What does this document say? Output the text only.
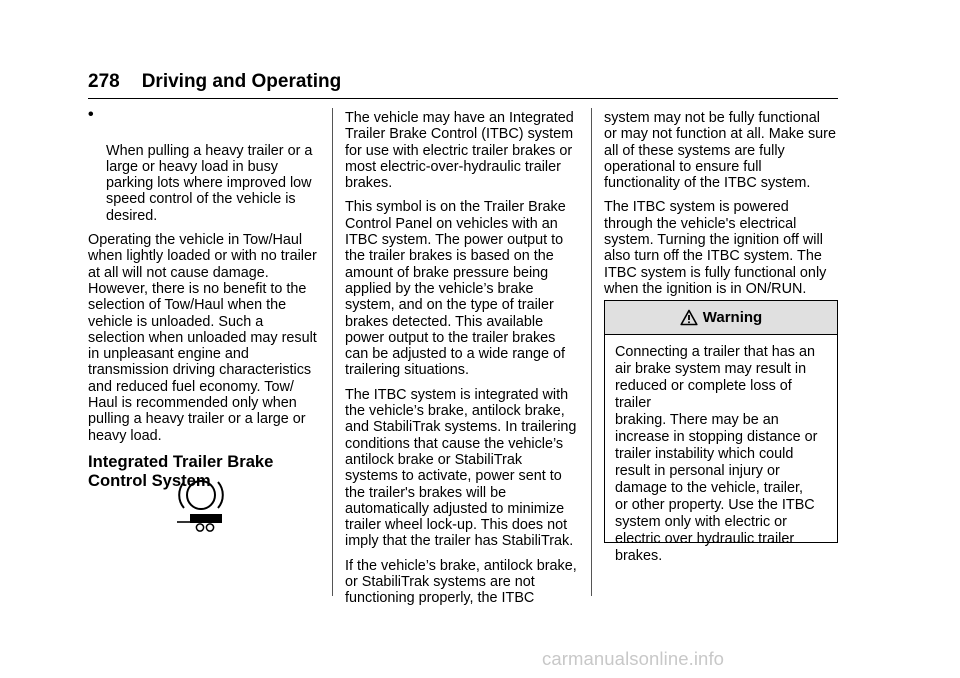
278 Driving and Operating

•

When pulling a heavy trailer or a
large or heavy load in busy
parking lots where improved low
speed control of the vehicle is
desired.

Operating the vehicle in Tow/Haul
when lightly loaded or with no trailer
at all will not cause damage.
However, there is no benefit to the
selection of Tow/Haul when the
vehicle is unloaded. Such a
selection when unloaded may result
in unpleasant engine and
transmission driving characteristics
and reduced fuel economy. Tow/
Haul is recommended only when
pulling a heavy trailer or a large or
heavy load.

Integrated Trailer Brake
Control System

The vehicle may have an Integrated
Trailer Brake Control (ITBC) system
for use with electric trailer brakes or
most electric-over-hydraulic trailer
brakes.

This symbol is on the Trailer Brake
Control Panel on vehicles with an
ITBC system. The power output to
the trailer brakes is based on the
amount of brake pressure being
applied by the vehicle’s brake
system, and on the type of trailer
brakes detected. This available
power output to the trailer brakes
can be adjusted to a wide range of
trailering situations.

The ITBC system is integrated with
the vehicle’s brake, antilock brake,
and StabiliTrak systems. In trailering
conditions that cause the vehicle’s
antilock brake or StabiliTrak
systems to activate, power sent to
the trailer's brakes will be
automatically adjusted to minimize
trailer wheel lock-up. This does not
imply that the trailer has StabiliTrak.

If the vehicle’s brake, antilock brake,
or StabiliTrak systems are not
functioning properly, the ITBC

system may not be fully functional
or may not function at all. Make sure
all of these systems are fully
operational to ensure full
functionality of the ITBC system.

The ITBC system is powered
through the vehicle's electrical
system. Turning the ignition off will
also turn off the ITBC system. The
ITBC system is fully functional only
when the ignition is in ON/RUN.

Warning
Connecting a trailer that has an
air brake system may result in
reduced or complete loss of trailer
braking. There may be an
increase in stopping distance or
trailer instability which could
result in personal injury or
damage to the vehicle, trailer,
or other property. Use the ITBC
system only with electric or
electric over hydraulic trailer
brakes.
carmanualsonline.info
